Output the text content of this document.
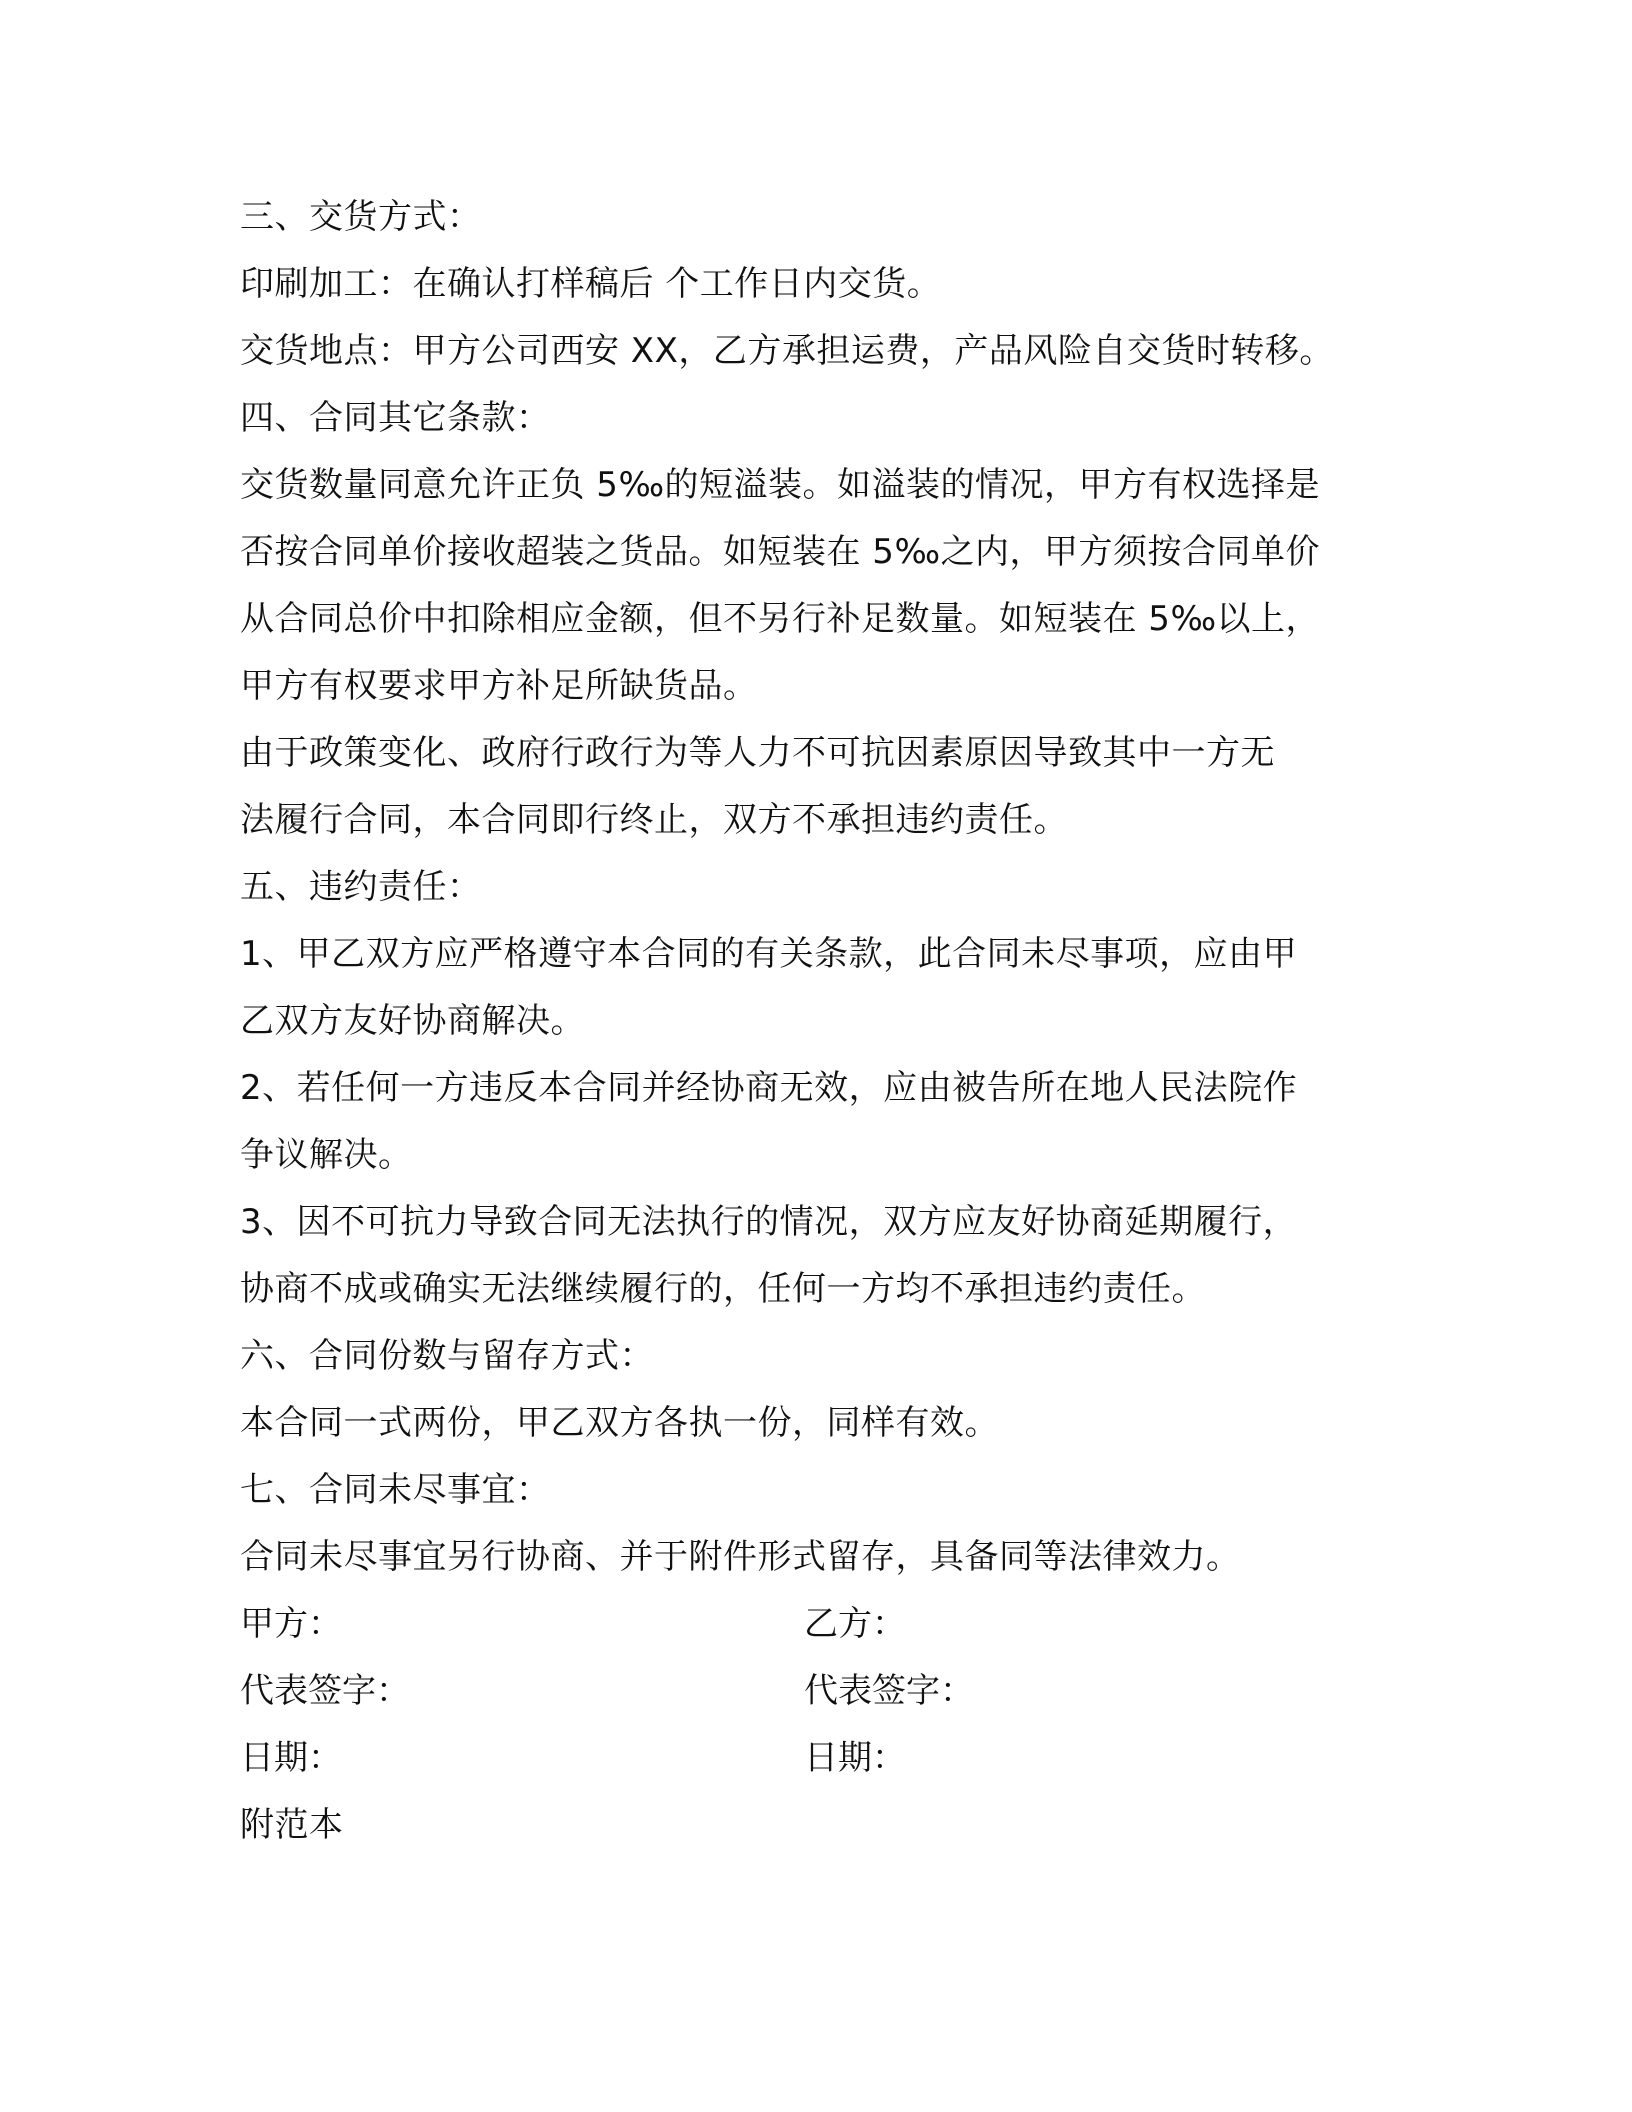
三、交货方式：
印刷加工：在确认打样稿后 个工作日内交货。
交货地点：甲方公司西安 XX，乙方承担运费，产品风险自交货时转移。
四、合同其它条款：
交货数量同意允许正负 5‰的短溢装。如溢装的情况，甲方有权选择是
否按合同单价接收超装之货品。如短装在 5‰之内，甲方须按合同单价
从合同总价中扣除相应金额，但不另行补足数量。如短装在 5‰以上，
甲方有权要求甲方补足所缺货品。
由于政策变化、政府行政行为等人力不可抗因素原因导致其中一方无
法履行合同，本合同即行终止，双方不承担违约责任。
五、违约责任：
1、甲乙双方应严格遵守本合同的有关条款，此合同未尽事项，应由甲
乙双方友好协商解决。
2、若任何一方违反本合同并经协商无效，应由被告所在地人民法院作
争议解决。
3、因不可抗力导致合同无法执行的情况，双方应友好协商延期履行，
协商不成或确实无法继续履行的，任何一方均不承担违约责任。
六、合同份数与留存方式：
本合同一式两份，甲乙双方各执一份，同样有效。
七、合同未尽事宜：
合同未尽事宜另行协商、并于附件形式留存，具备同等法律效力。
甲方：	乙方：
代表签字：	代表签字：
日期：	日期：
附范本
